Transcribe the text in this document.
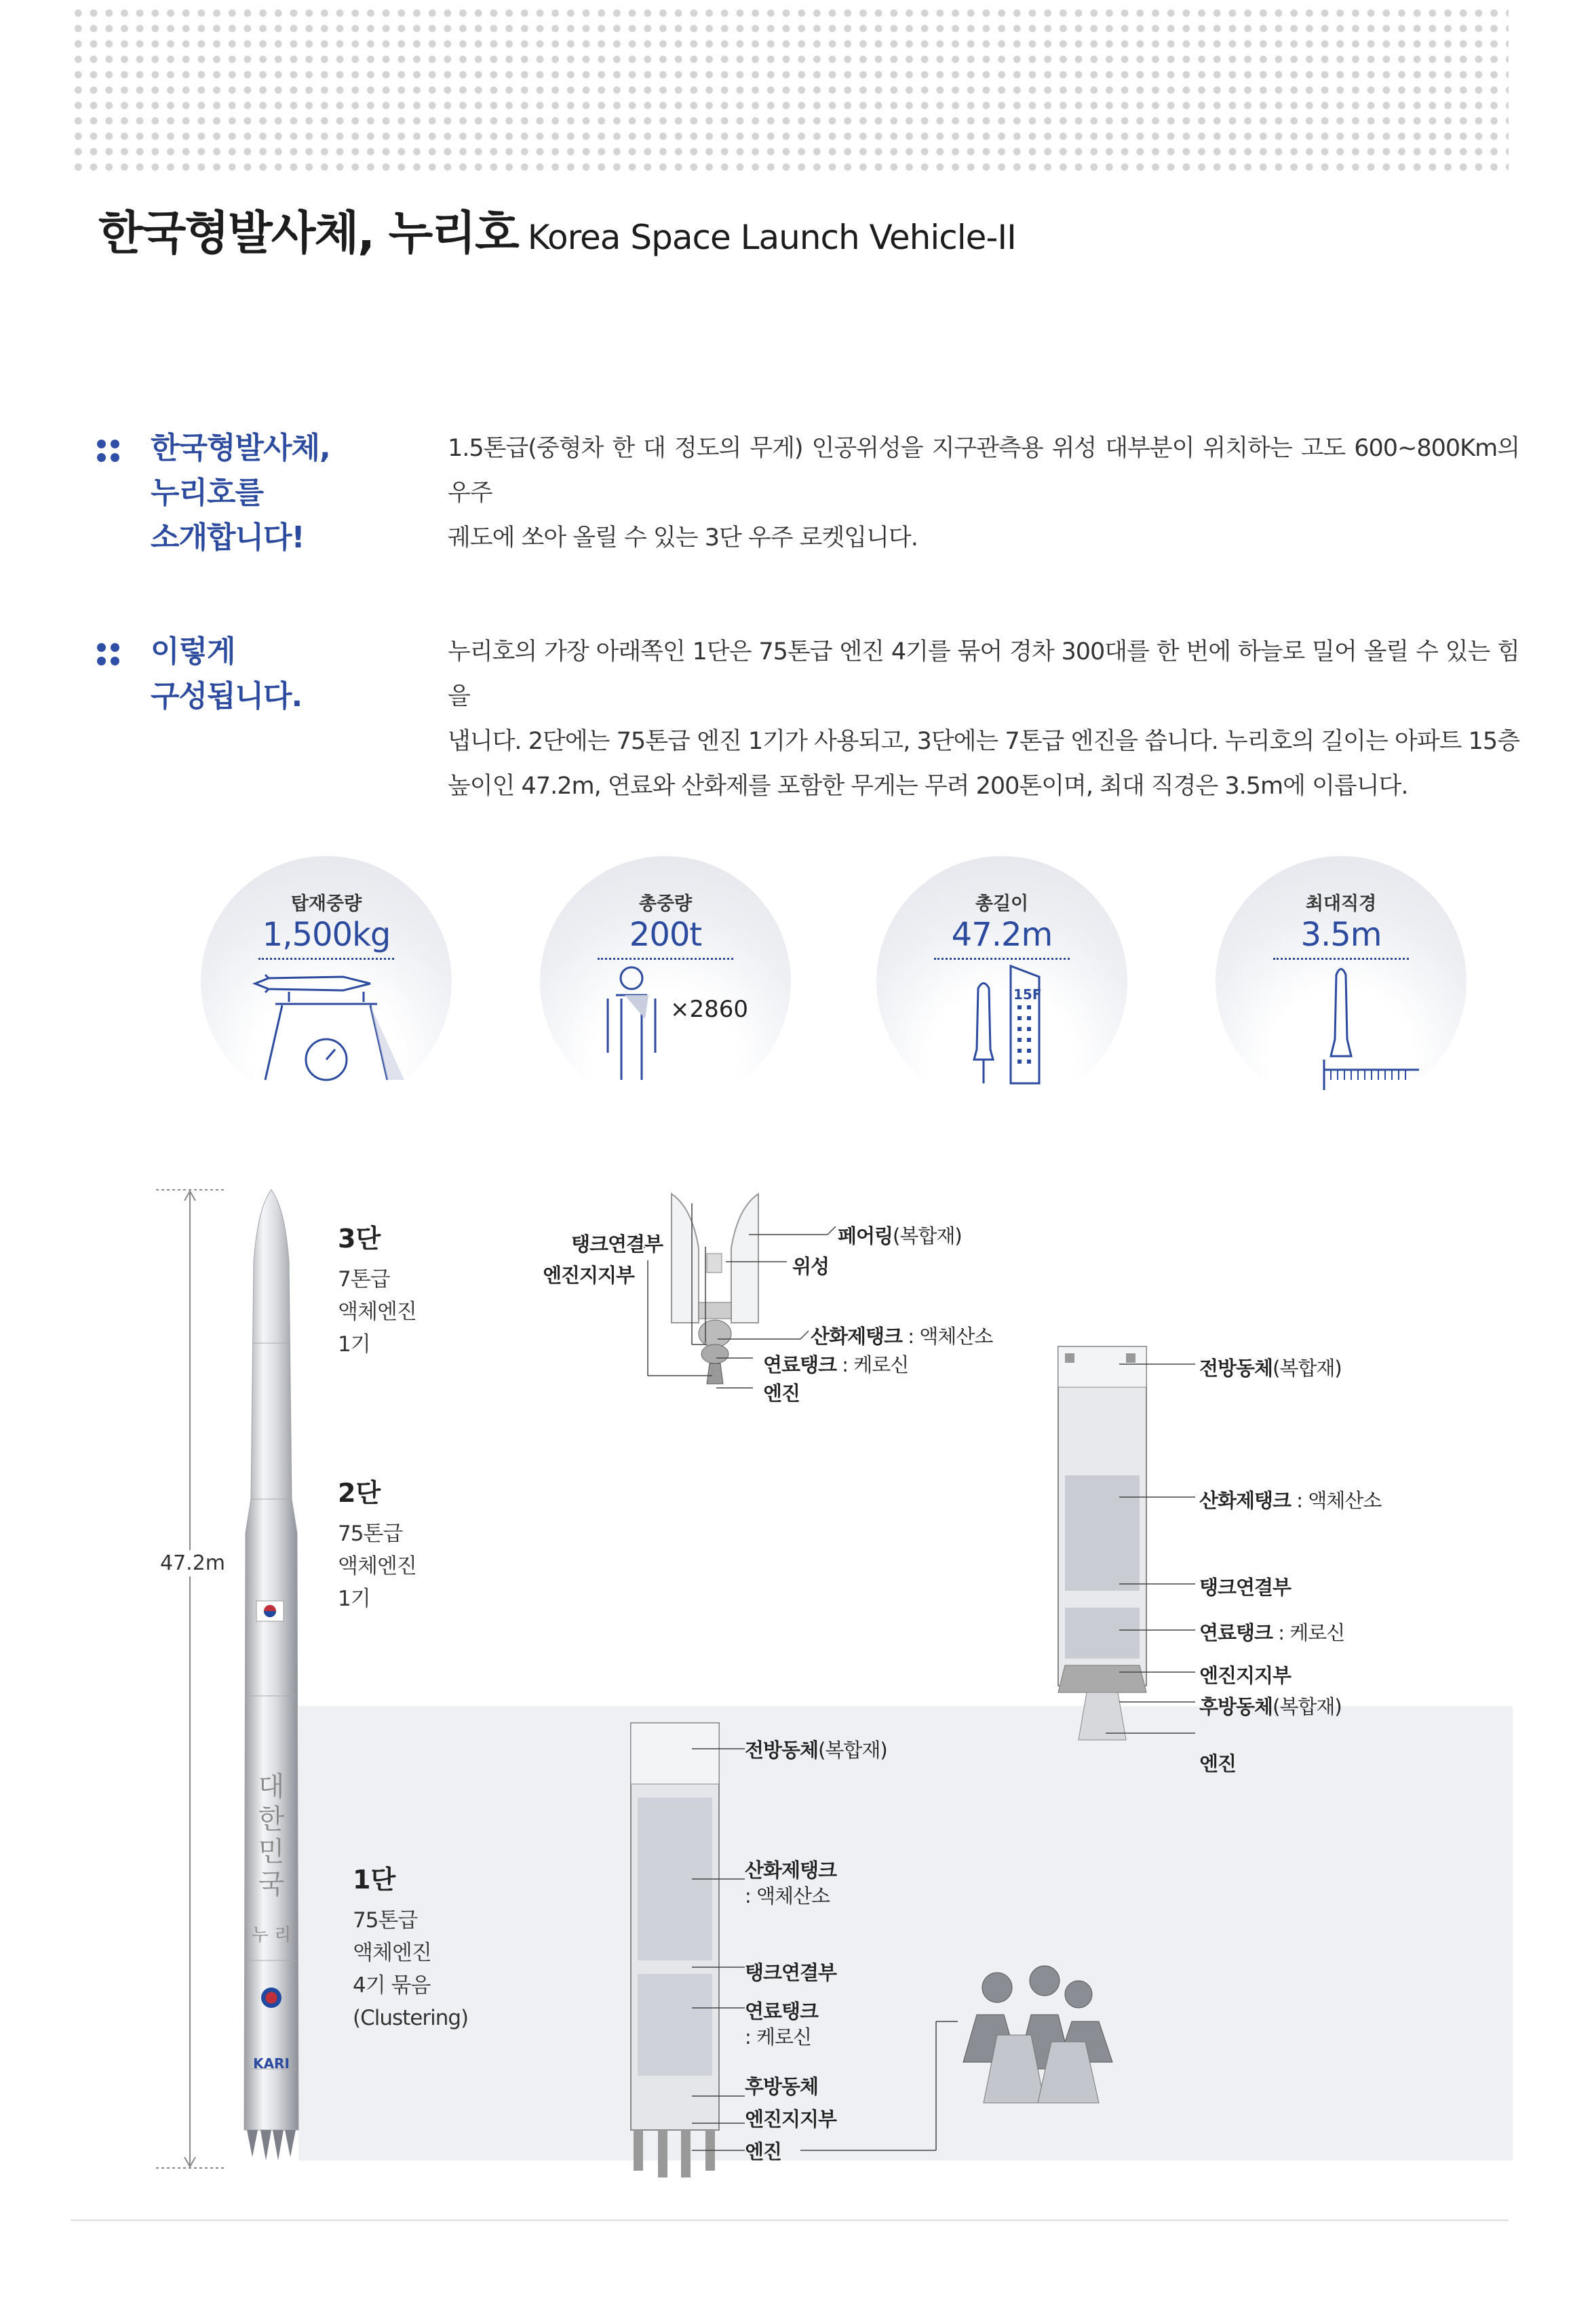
한국형발사체, 누리호 Korea Space Launch Vehicle-II
한국형발사체,
누리호를
소개합니다!
1.5톤급(중형차 한 대 정도의 무게) 인공위성을 지구관측용 위성 대부분이 위치하는 고도 600~800Km의 우주
궤도에 쏘아 올릴 수 있는 3단 우주 로켓입니다.
이렇게
구성됩니다.
누리호의 가장 아래쪽인 1단은 75톤급 엔진 4기를 묶어 경차 300대를 한 번에 하늘로 밀어 올릴 수 있는 힘을
냅니다. 2단에는 75톤급 엔진 1기가 사용되고, 3단에는 7톤급 엔진을 씁니다. 누리호의 길이는 아파트 15층
높이인 47.2m, 연료와 산화제를 포함한 무게는 무려 200톤이며, 최대 직경은 3.5m에 이릅니다.
탑재중량
1,500kg
총중량
200t
×2860
총길이
47.2m
15F
최대직경
3.5m
47.2m
대
한
민
국
누 리
KARI
3단
7톤급
액체엔진
1기
2단
75톤급
액체엔진
1기
1단
75톤급
액체엔진
4기 묶음
(Clustering)
탱크연결부
엔진지지부
페어링(복합재)
위성
산화제탱크 : 액체산소
연료탱크 : 케로신
엔진
전방동체(복합재)
산화제탱크 : 액체산소
탱크연결부
연료탱크 : 케로신
엔진지지부
후방동체(복합재)
엔진
전방동체(복합재)
산화제탱크
: 액체산소
탱크연결부
연료탱크
: 케로신
후방동체
엔진지지부
엔진
